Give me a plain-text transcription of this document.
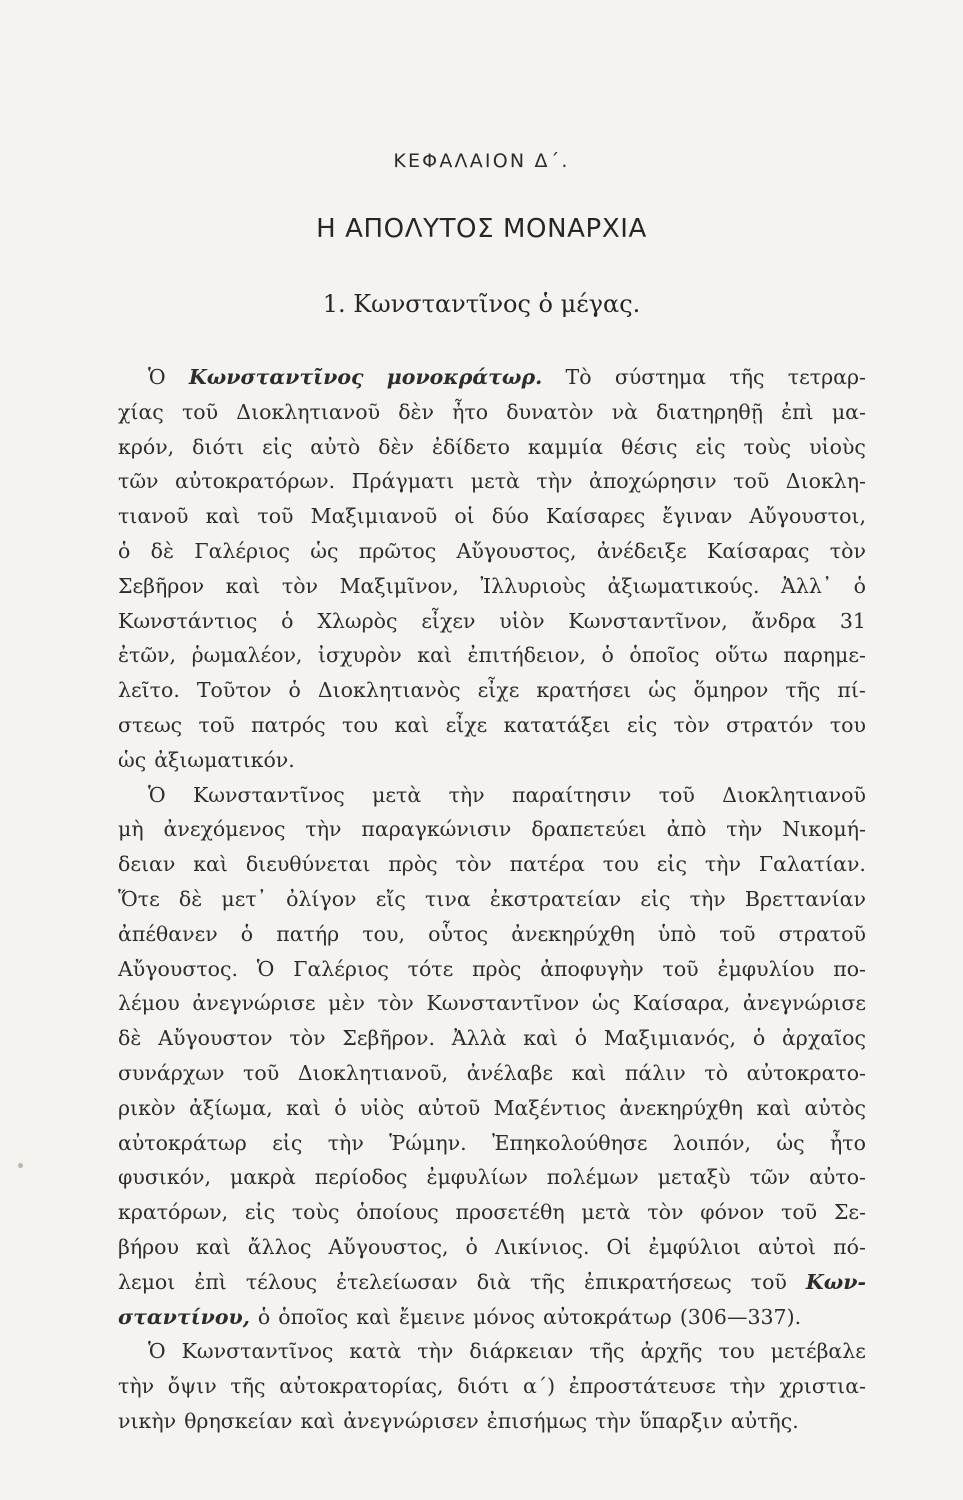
ΚΕΦΑΛΑΙΟΝ Δ΄.
Η ΑΠΟΛΥΤΟΣ ΜΟΝΑΡΧΙΑ
1. Κωνσταντῖνος ὁ μέγας.
Ὁ Κωνσταντῖνος μονοκράτωρ. Τὸ σύστημα τῆς τετραρ-
χίας τοῦ Διοκλητιανοῦ δὲν ἦτο δυνατὸν νὰ διατηρηθῇ ἐπὶ μα-
κρόν, διότι εἰς αὐτὸ δὲν ἐδίδετο καμμία θέσις εἰς τοὺς υἱοὺς
τῶν αὐτοκρατόρων. Πράγματι μετὰ τὴν ἀποχώρησιν τοῦ Διοκλη-
τιανοῦ καὶ τοῦ Μαξιμιανοῦ οἱ δύο Καίσαρες ἔγιναν Αὔγουστοι,
ὁ δὲ Γαλέριος ὡς πρῶτος Αὔγουστος, ἀνέδειξε Καίσαρας τὸν
Σεβῆρον καὶ τὸν Μαξιμῖνον, Ἰλλυριοὺς ἀξιωματικούς. Ἀλλ᾿ ὁ
Κωνστάντιος ὁ Χλωρὸς εἶχεν υἱὸν Κωνσταντῖνον, ἄνδρα 31
ἐτῶν, ῥωμαλέον, ἰσχυρὸν καὶ ἐπιτήδειον, ὁ ὁποῖος οὕτω παρημε-
λεῖτο. Τοῦτον ὁ Διοκλητιανὸς εἶχε κρατήσει ὡς ὅμηρον τῆς πί-
στεως τοῦ πατρός του καὶ εἶχε κατατάξει εἰς τὸν στρατόν του
ὡς ἀξιωματικόν.
Ὁ Κωνσταντῖνος μετὰ τὴν παραίτησιν τοῦ Διοκλητιανοῦ
μὴ ἀνεχόμενος τὴν παραγκώνισιν δραπετεύει ἀπὸ τὴν Νικομή-
δειαν καὶ διευθύνεται πρὸς τὸν πατέρα του εἰς τὴν Γαλατίαν.
Ὅτε δὲ μετ᾿ ὀλίγον εἴς τινα ἐκστρατείαν εἰς τὴν Βρεττανίαν
ἀπέθανεν ὁ πατήρ του, οὗτος ἀνεκηρύχθη ὑπὸ τοῦ στρατοῦ
Αὔγουστος. Ὁ Γαλέριος τότε πρὸς ἀποφυγὴν τοῦ ἐμφυλίου πο-
λέμου ἀνεγνώρισε μὲν τὸν Κωνσταντῖνον ὡς Καίσαρα, ἀνεγνώρισε
δὲ Αὔγουστον τὸν Σεβῆρον. Ἀλλὰ καὶ ὁ Μαξιμιανός, ὁ ἀρχαῖος
συνάρχων τοῦ Διοκλητιανοῦ, ἀνέλαβε καὶ πάλιν τὸ αὐτοκρατο-
ρικὸν ἀξίωμα, καὶ ὁ υἱὸς αὐτοῦ Μαξέντιος ἀνεκηρύχθη καὶ αὐτὸς
αὐτοκράτωρ εἰς τὴν Ῥώμην. Ἐπηκολούθησε λοιπόν, ὡς ἦτο
φυσικόν, μακρὰ περίοδος ἐμφυλίων πολέμων μεταξὺ τῶν αὐτο-
κρατόρων, εἰς τοὺς ὁποίους προσετέθη μετὰ τὸν φόνον τοῦ Σε-
βήρου καὶ ἄλλος Αὔγουστος, ὁ Λικίνιος. Οἱ ἐμφύλιοι αὐτοὶ πό-
λεμοι ἐπὶ τέλους ἐτελείωσαν διὰ τῆς ἐπικρατήσεως τοῦ Κων-
σταντίνου, ὁ ὁποῖος καὶ ἔμεινε μόνος αὐτοκράτωρ (306—337).
Ὁ Κωνσταντῖνος κατὰ τὴν διάρκειαν τῆς ἀρχῆς του μετέβαλε
τὴν ὄψιν τῆς αὐτοκρατορίας, διότι α΄) ἐπροστάτευσε τὴν χριστια-
νικὴν θρησκείαν καὶ ἀνεγνώρισεν ἐπισήμως τὴν ὕπαρξιν αὐτῆς.
